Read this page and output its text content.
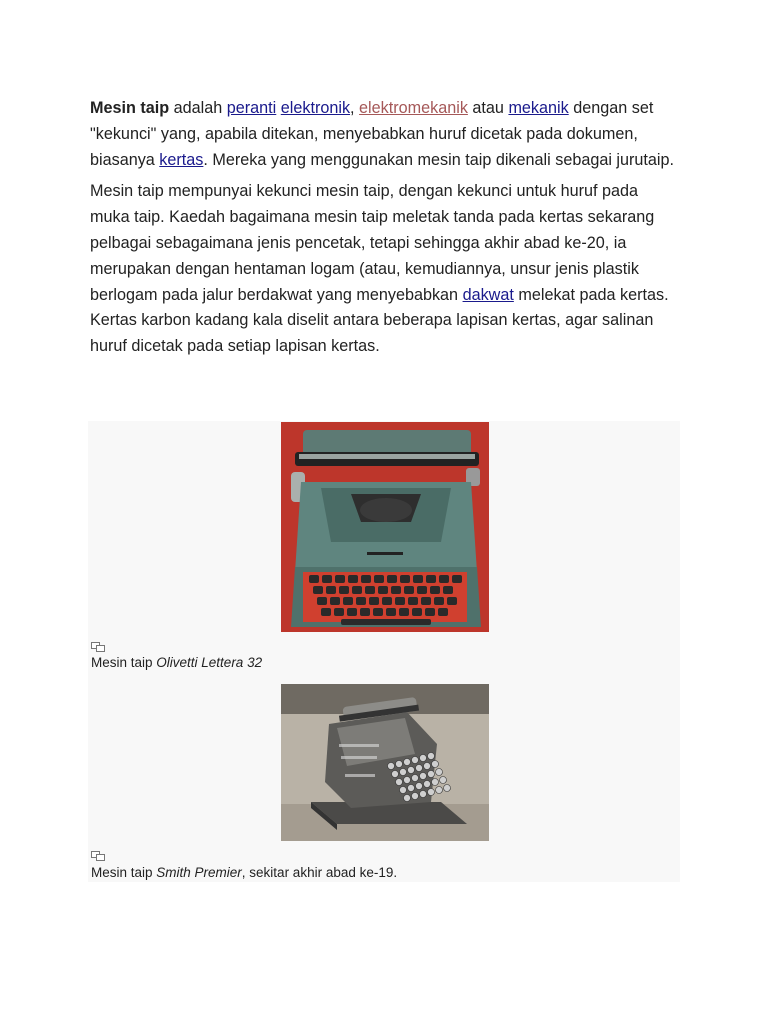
Mesin taip adalah peranti elektronik, elektromekanik atau mekanik dengan set "kekunci" yang, apabila ditekan, menyebabkan huruf dicetak pada dokumen, biasanya kertas. Mereka yang menggunakan mesin taip dikenali sebagai jurutaip.

Mesin taip mempunyai kekunci mesin taip, dengan kekunci untuk huruf pada muka taip. Kaedah bagaimana mesin taip meletak tanda pada kertas sekarang pelbagai sebagaimana jenis pencetak, tetapi sehingga akhir abad ke-20, ia merupakan dengan hentaman logam (atau, kemudiannya, unsur jenis plastik berlogam pada jalur berdakwat yang menyebabkan dakwat melekat pada kertas. Kertas karbon kadang kala diselit antara beberapa lapisan kertas, agar salinan huruf dicetak pada setiap lapisan kertas.

Mesin taip Olivetti Lettera 32
Mesin taip Smith Premier, sekitar akhir abad ke-19.
